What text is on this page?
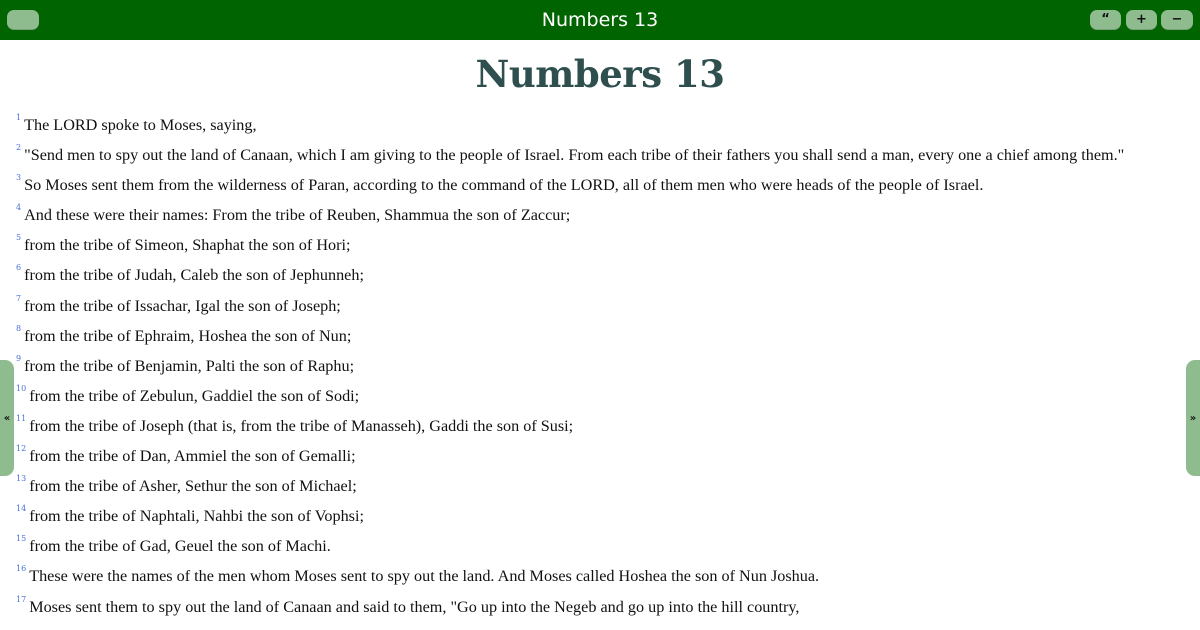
Numbers 13	“	+	−
Numbers 13
$^1$ The LORD spoke to Moses, saying,
$^2$ "Send men to spy out the land of Canaan, which I am giving to the people of Israel. From each tribe of their fathers you shall send a man, every one a chief among them."
$^3$ So Moses sent them from the wilderness of Paran, according to the command of the LORD, all of them men who were heads of the people of Israel.
$^4$ And these were their names: From the tribe of Reuben, Shammua the son of Zaccur;
$^5$ from the tribe of Simeon, Shaphat the son of Hori;
$^6$ from the tribe of Judah, Caleb the son of Jephunneh;
$^7$ from the tribe of Issachar, Igal the son of Joseph;
$^8$ from the tribe of Ephraim, Hoshea the son of Nun;
$^9$ from the tribe of Benjamin, Palti the son of Raphu;
$^{10}$ from the tribe of Zebulun, Gaddiel the son of Sodi;
$^{11}$ from the tribe of Joseph (that is, from the tribe of Manasseh), Gaddi the son of Susi;
$^{12}$ from the tribe of Dan, Ammiel the son of Gemalli;
$^{13}$ from the tribe of Asher, Sethur the son of Michael;
$^{14}$ from the tribe of Naphtali, Nahbi the son of Vophsi;
$^{15}$ from the tribe of Gad, Geuel the son of Machi.
$^{16}$ These were the names of the men whom Moses sent to spy out the land. And Moses called Hoshea the son of Nun Joshua.
$^{17}$ Moses sent them to spy out the land of Canaan and said to them, "Go up into the Negeb and go up into the hill country,
«	»
